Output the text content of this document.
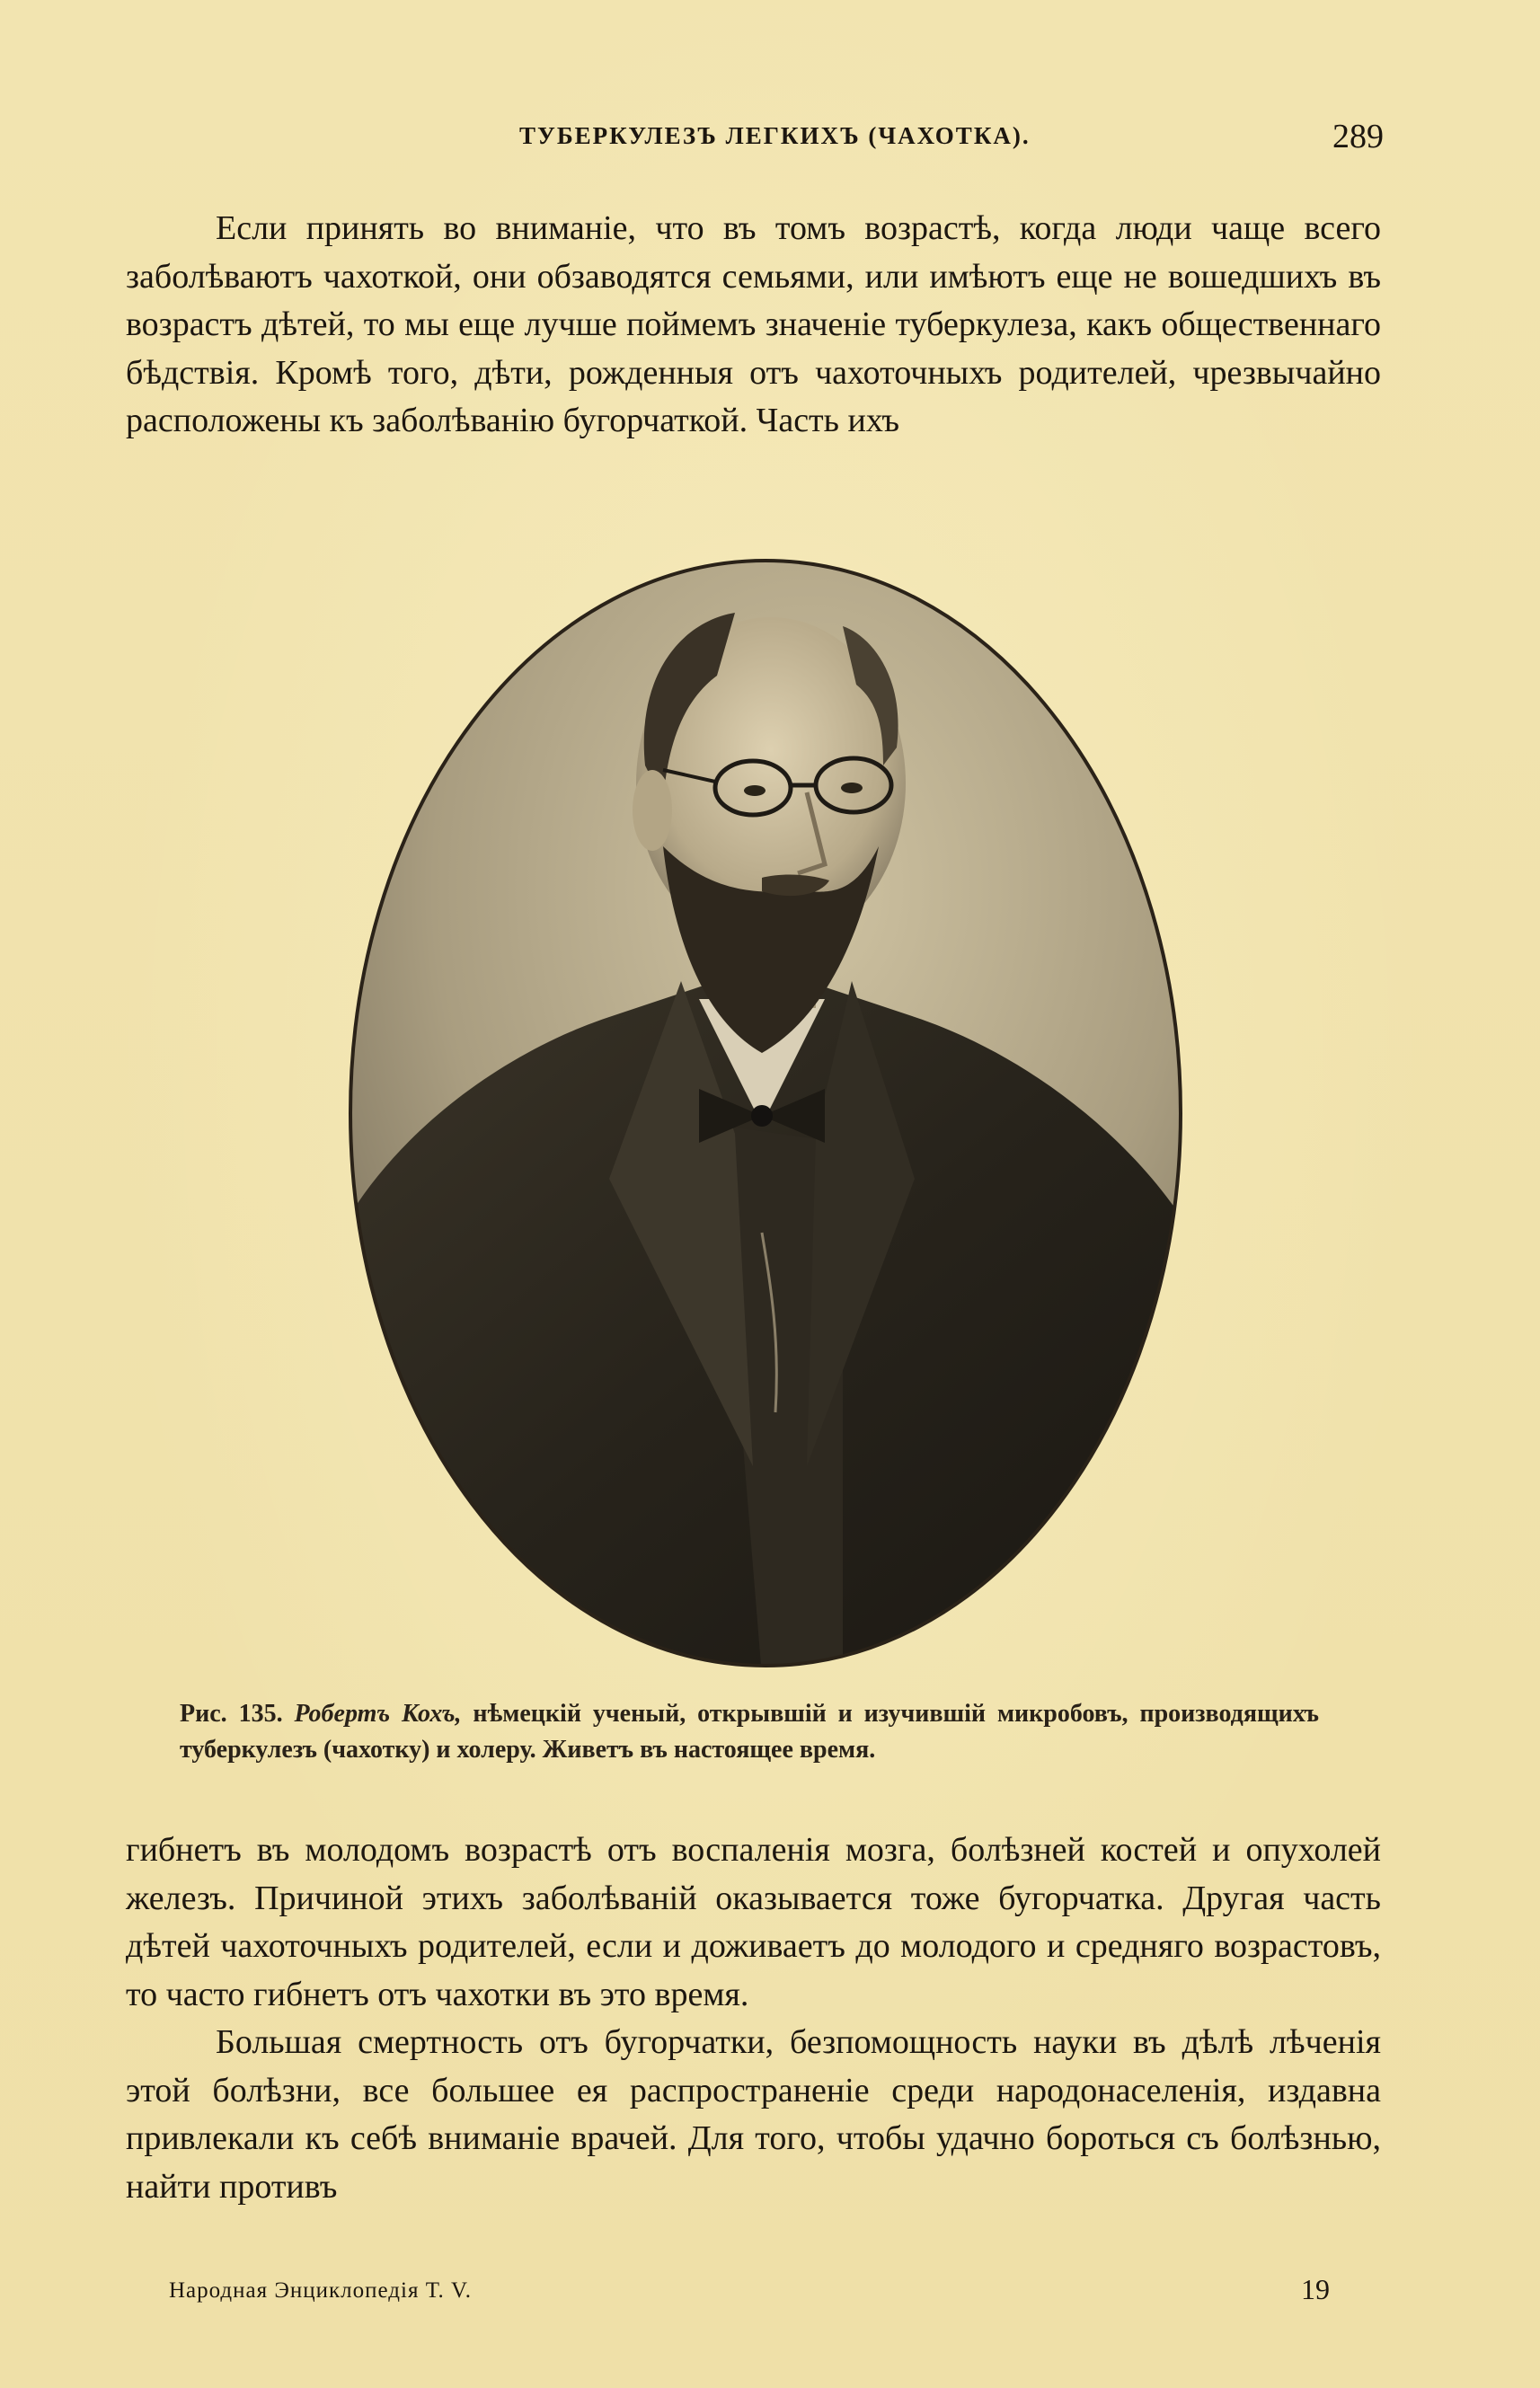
ТУБЕРКУЛЕЗЪ ЛЕГКИХЪ (ЧАХОТКА).	289

Если принять во вниманіе, что въ томъ возрастѣ, когда люди чаще всего заболѣваютъ чахоткой, они обзаводятся семьями, или имѣютъ еще не вошедшихъ въ возрастъ дѣтей, то мы еще лучше поймемъ значеніе туберкулеза, какъ общественнаго бѣдствія. Кромѣ того, дѣти, рожденныя отъ чахоточныхъ родителей, чрезвычайно расположены къ заболѣванію бугорчаткой. Часть ихъ

Рис. 135. Робертъ Кохъ, нѣмецкій ученый, открывшій и изучившій микробовъ, производящихъ туберкулезъ (чахотку) и холеру. Живетъ въ настоящее время.

гибнетъ въ молодомъ возрастѣ отъ воспаленія мозга, болѣзней костей и опухолей железъ. Причиной этихъ заболѣваній оказывается тоже бугорчатка. Другая часть дѣтей чахоточныхъ родителей, если и доживаетъ до молодого и средняго возрастовъ, то часто гибнетъ отъ чахотки въ это время.

Большая смертность отъ бугорчатки, безпомощность науки въ дѣлѣ лѣченія этой болѣзни, все большее ея распространеніе среди народонаселенія, издавна привлекали къ себѣ вниманіе врачей. Для того, чтобы удачно бороться съ болѣзнью, найти противъ

Народная Энциклопедія Т. V.	19
